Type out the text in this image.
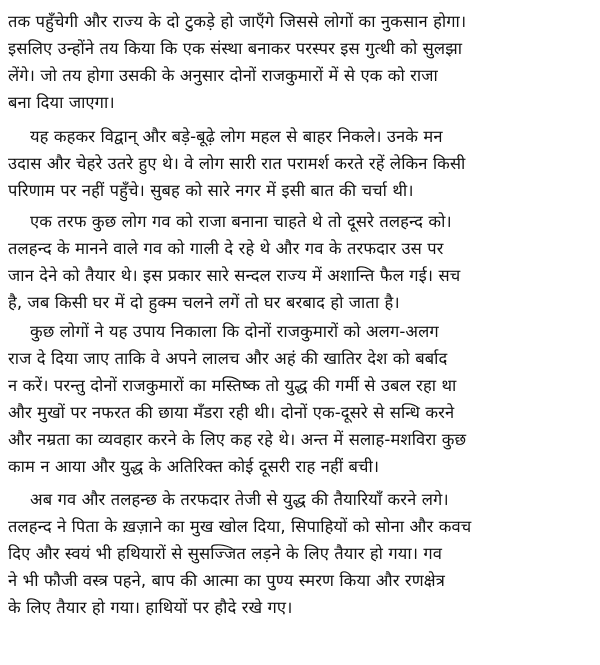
तक पहुँचेगी और राज्य के दो टुकड़े हो जाएँगे जिससे लोगों का नुकसान होगा।
इसलिए उन्होंने तय किया कि एक संस्था बनाकर परस्पर इस गुत्थी को सुलझा
लेंगे। जो तय होगा उसकी के अनुसार दोनों राजकुमारों में से एक को राजा
बना दिया जाएगा।
यह कहकर विद्वान् और बड़े-बूढ़े लोग महल से बाहर निकले। उनके मन
उदास और चेहरे उतरे हुए थे। वे लोग सारी रात परामर्श करते रहें लेकिन किसी
परिणाम पर नहीं पहुँचे। सुबह को सारे नगर में इसी बात की चर्चा थी।
एक तरफ कुछ लोग गव को राजा बनाना चाहते थे तो दूसरे तलहन्द को।
तलहन्द के मानने वाले गव को गाली दे रहे थे और गव के तरफदार उस पर
जान देने को तैयार थे। इस प्रकार सारे सन्दल राज्य में अशान्ति फैल गई। सच
है, जब किसी घर में दो हुक्म चलने लगें तो घर बरबाद हो जाता है।
कुछ लोगों ने यह उपाय निकाला कि दोनों राजकुमारों को अलग-अलग
राज दे दिया जाए ताकि वे अपने लालच और अहं की खातिर देश को बर्बाद
न करें। परन्तु दोनों राजकुमारों का मस्तिष्क तो युद्ध की गर्मी से उबल रहा था
और मुखों पर नफरत की छाया मँडरा रही थी। दोनों एक-दूसरे से सन्धि करने
और नम्रता का व्यवहार करने के लिए कह रहे थे। अन्त में सलाह-मशविरा कुछ
काम न आया और युद्ध के अतिरिक्त कोई दूसरी राह नहीं बची।
अब गव और तलहन्छ के तरफदार तेजी से युद्ध की तैयारियाँ करने लगे।
तलहन्द ने पिता के ख़ज़ाने का मुख खोल दिया, सिपाहियों को सोना और कवच
दिए और स्वयं भी हथियारों से सुसज्जित लड़ने के लिए तैयार हो गया। गव
ने भी फौजी वस्त्र पहने, बाप की आत्मा का पुण्य स्मरण किया और रणक्षेत्र
के लिए तैयार हो गया। हाथियों पर हौदे रखे गए।
